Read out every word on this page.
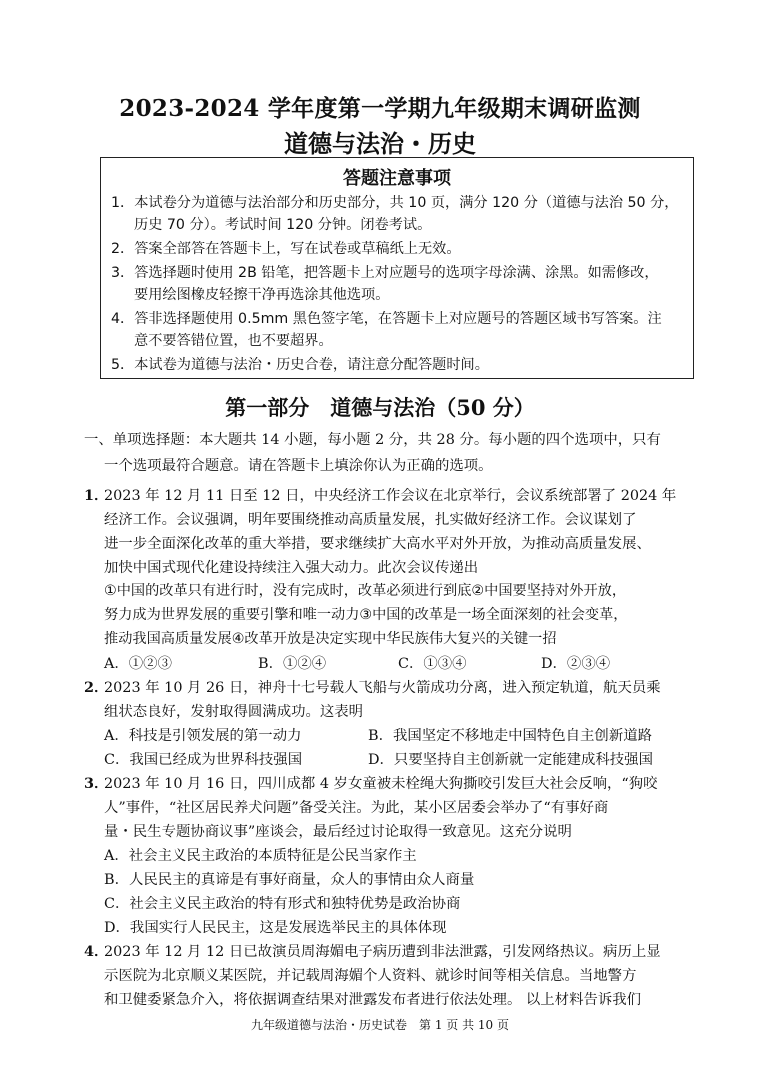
2023-2024 学年度第一学期九年级期末调研监测
道德与法治・历史
答题注意事项
1．本试卷分为道德与法治部分和历史部分，共 10 页，满分 120 分（道德与法治 50 分，
历史 70 分）。考试时间 120 分钟。闭卷考试。
2．答案全部答在答题卡上，写在试卷或草稿纸上无效。
3．答选择题时使用 2B 铅笔，把答题卡上对应题号的选项字母涂满、涂黑。如需修改，
要用绘图橡皮轻擦干净再选涂其他选项。
4．答非选择题使用 0.5mm 黑色签字笔，在答题卡上对应题号的答题区域书写答案。注
意不要答错位置，也不要超界。
5．本试卷为道德与法治・历史合卷，请注意分配答题时间。
第一部分　道德与法治（50 分）
一、单项选择题：本大题共 14 小题，每小题 2 分，共 28 分。每小题的四个选项中，只有
一个选项最符合题意。请在答题卡上填涂你认为正确的选项。
1．
2023 年 12 月 11 日至 12 日，中央经济工作会议在北京举行，会议系统部署了 2024 年
经济工作。会议强调，明年要围绕推动高质量发展，扎实做好经济工作。会议谋划了
进一步全面深化改革的重大举措，要求继续扩大高水平对外开放，为推动高质量发展、
加快中国式现代化建设持续注入强大动力。此次会议传递出
①中国的改革只有进行时，没有完成时，改革必须进行到底②中国要坚持对外开放，
努力成为世界发展的重要引擎和唯一动力③中国的改革是一场全面深刻的社会变革，
推动我国高质量发展④改革开放是决定实现中华民族伟大复兴的关键一招
A．①②③	B．①②④	C．①③④	D．②③④
2．
2023 年 10 月 26 日，神舟十七号载人飞船与火箭成功分离，进入预定轨道，航天员乘
组状态良好，发射取得圆满成功。这表明
A．科技是引领发展的第一动力	B．我国坚定不移地走中国特色自主创新道路
C．我国已经成为世界科技强国	D．只要坚持自主创新就一定能建成科技强国
3．
2023 年 10 月 16 日，四川成都 4 岁女童被未栓绳大狗撕咬引发巨大社会反响，“狗咬
人”事件，“社区居民养犬问题”备受关注。为此，某小区居委会举办了“有事好商
量・民生专题协商议事”座谈会，最后经过讨论取得一致意见。这充分说明
A．社会主义民主政治的本质特征是公民当家作主
B．人民民主的真谛是有事好商量，众人的事情由众人商量
C．社会主义民主政治的特有形式和独特优势是政治协商
D．我国实行人民民主，这是发展选举民主的具体体现
4．
2023 年 12 月 12 日已故演员周海媚电子病历遭到非法泄露，引发网络热议。病历上显
示医院为北京顺义某医院，并记载周海媚个人资料、就诊时间等相关信息。当地警方
和卫健委紧急介入，将依据调查结果对泄露发布者进行依法处理。 以上材料告诉我们
九年级道德与法治・历史试卷　第 1 页 共 10 页
